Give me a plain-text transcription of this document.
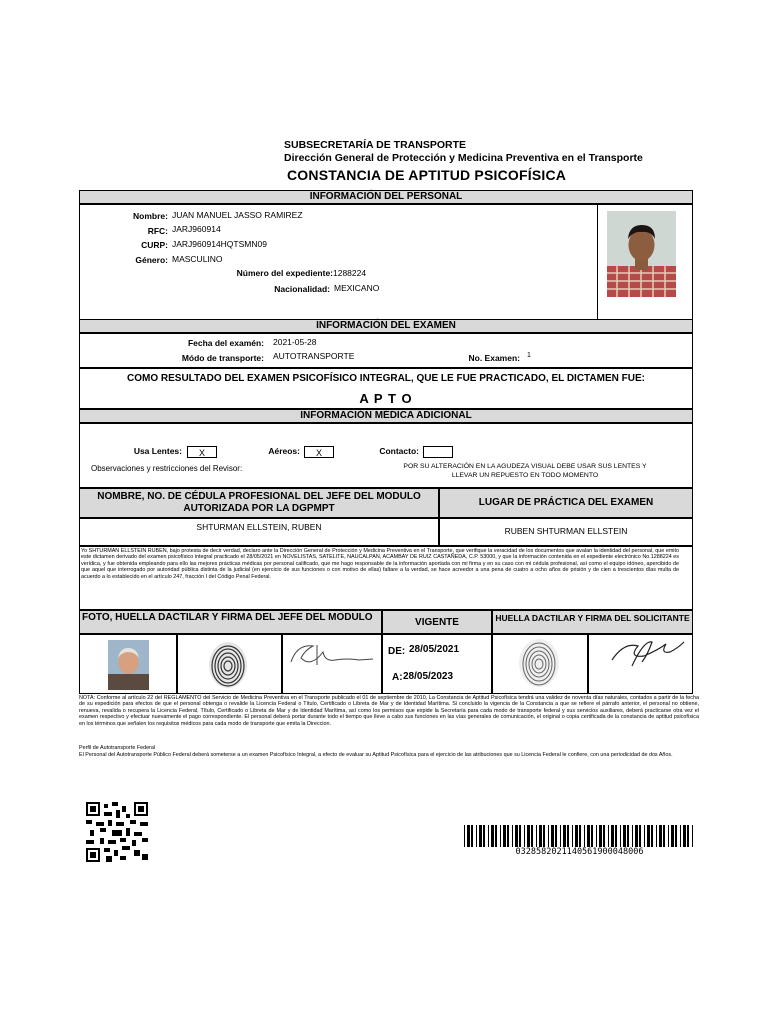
SUBSECRETARÍA DE TRANSPORTE
Dirección General de Protección y Medicina Preventiva en el Transporte
CONSTANCIA DE APTITUD PSICOFÍSICA
INFORMACIÓN DEL PERSONAL
Nombre: JUAN MANUEL JASSO RAMIREZ
RFC: JARJ960914
CURP: JARJ960914HQTSMN09
Género: MASCULINO
Número del expediente: 1288224
Nacionalidad: MEXICANO
INFORMACIÓN DEL EXAMEN
Fecha del examén: 2021-05-28
Módo de transporte: AUTOTRANSPORTE	No. Examen: 1
COMO RESULTADO DEL EXAMEN PSICOFÍSICO INTEGRAL, QUE LE FUE PRACTICADO, EL DICTAMEN FUE:
A P T O
INFORMACIÓN MÉDICA ADICIONAL
Usa Lentes:	X	Aéreos:	X	Contacto:
Observaciones y restricciones del Revisor:	POR SU ALTERACIÓN EN LA AGUDEZA VISUAL DEBE USAR SUS LENTES Y
LLEVAR UN REPUESTO EN TODO MOMENTO
NOMBRE, NO. DE CÉDULA PROFESIONAL DEL JEFE DEL MODULO AUTORIZADA POR LA DGPMPT
LUGAR DE PRÁCTICA DEL EXAMEN
SHTURMAN ELLSTEIN, RUBEN	RUBEN SHTURMAN ELLSTEIN
Yo SHTURMAN ELLSTEIN RUBEN, bajo protesta de decir verdad, declaro ante la Dirección General de Protección y Medicina Preventiva en el Transporte, que verifique la veracidad de los documentos que avalan la identidad del personal, que emito este dictamen derivado del examen psicofísico integral practicado el 28/05/2021 en NOVELISTAS, SATELITE, NAUCALPAN, ACAMBAY DE RUIZ CASTAÑEDA, C.P. 53000, y que la información contenida en el expediente electrónico No.1288224 es verídica, y fue obtenida empleando para ello las mejores prácticas médicas por personal calificado, que me hago responsable de la información aportada con mi firma y en su caso con mi cédula profesional, así como el equipo idóneo, apercibido de que aquel que interrogado por autoridad pública distinta de la judicial (en ejercicio de sus funciones o con motivo de ellas) faltare a la verdad, se hace acreedor a una pena de cuatro a ocho años de prisión y de cien a trescientos días multa de acuerdo a lo establecido en el artículo 247, fracción I del Código Penal Federal.
FOTO, HUELLA DACTILAR Y FIRMA DEL JEFE DEL MODULO	VIGENTE	HUELLA DACTILAR Y FIRMA DEL SOLICITANTE
DE: 28/05/2021
A: 28/05/2023
NOTA: Conforme al artículo 22 del REGLAMENTO del Servicio de Medicina Preventiva en el Transporte publicado el 01 de septiembre de 2010, La Constancia de Aptitud Psicofísica tendrá una validez de noventa días naturales, contados a partir de la fecha de su expedición para efectos de que el personal obtenga o revalide la Licencia Federal o Título, Certificado o Libreta de Mar y de Identidad Marítima. Si concluido la vigencia de la Constancia a que se refiere el párrafo anterior, el personal no obtiene, renueva, revalida o recupera la Licencia Federal, Título, Certificado o Libreta de Mar y de Identidad Marítima, así como los permisos que expide la Secretaría para cada modo de transporte federal y sus servicios auxiliares, deberá practicarse otra vez el examen respectivo y efectuar nuevamente el pago correspondiente. El personal deberá portar durante todo el tiempo que lleve a cabo sus funciones en las vías generales de comunicación, el original o copia certificada de la constancia de aptitud psicofísica en los términos que señalen los requisitos médicos para cada modo de transporte que emita la Direccion.
Perfil de Autotransporte Federal
El Personal del Autotransporte Público Federal deberá someterse a un examen Psicofísico Integral, a efecto de evaluar su Aptitud Psicofísica para el ejercicio de las atribuciones que su Licencia Federal le confiere, con una periodicidad de dos Años.
0328582021140561900048006
